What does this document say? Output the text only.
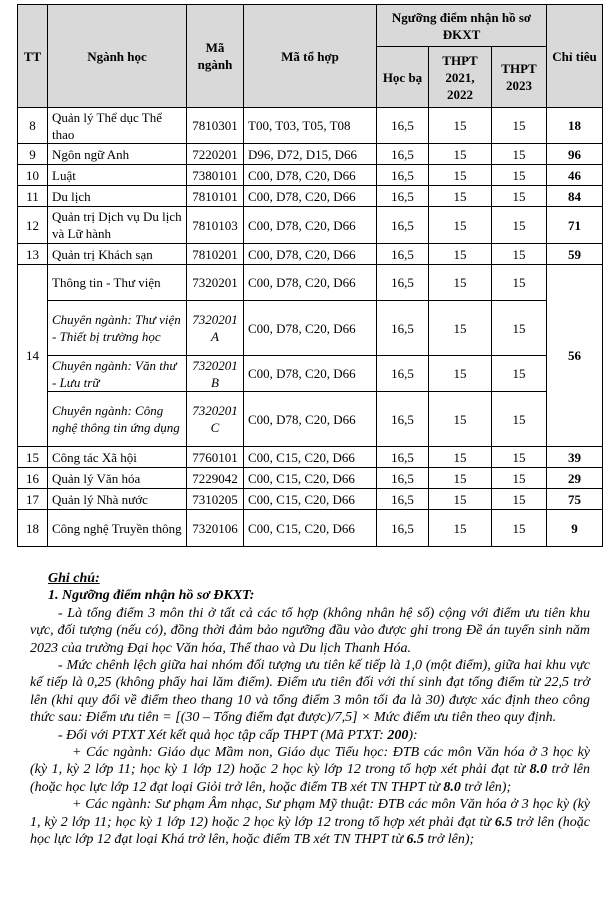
TT	Ngành học	Mã ngành	Mã tổ hợp	Ngưỡng điểm nhận hồ sơ ĐKXT			Chỉ tiêu
				Học bạ	THPT 2021, 2022	THPT 2023	
8	Quản lý Thể dục Thể thao	7810301	T00, T03, T05, T08	16,5	15	15	18
9	Ngôn ngữ Anh	7220201	D96, D72, D15, D66	16,5	15	15	96
10	Luật	7380101	C00, D78, C20, D66	16,5	15	15	46
11	Du lịch	7810101	C00, D78, C20, D66	16,5	15	15	84
12	Quản trị Dịch vụ Du lịch và Lữ hành	7810103	C00, D78, C20, D66	16,5	15	15	71
13	Quản trị Khách sạn	7810201	C00, D78, C20, D66	16,5	15	15	59
14	Thông tin - Thư viện	7320201	C00, D78, C20, D66	16,5	15	15	56
	Chuyên ngành: Thư viện - Thiết bị trường học	7320201 A	C00, D78, C20, D66	16,5	15	15	
	Chuyên ngành: Văn thư - Lưu trữ	7320201 B	C00, D78, C20, D66	16,5	15	15	
	Chuyên ngành: Công nghệ thông tin ứng dụng	7320201 C	C00, D78, C20, D66	16,5	15	15	
15	Công tác Xã hội	7760101	C00, C15, C20, D66	16,5	15	15	39
16	Quản lý Văn hóa	7229042	C00, C15, C20, D66	16,5	15	15	29
17	Quản lý Nhà nước	7310205	C00, C15, C20, D66	16,5	15	15	75
18	Công nghệ Truyền thông	7320106	C00, C15, C20, D66	16,5	15	15	9

Ghi chú:

1. Ngưỡng điểm nhận hồ sơ ĐKXT:

- Là tổng điểm 3 môn thi ở tất cả các tổ hợp (không nhân hệ số) cộng với điểm ưu tiên khu vực, đối tượng (nếu có), đồng thời đảm bảo ngưỡng đầu vào được ghi trong Đề án tuyển sinh năm 2023 của trường Đại học Văn hóa, Thể thao và Du lịch Thanh Hóa.

- Mức chênh lệch giữa hai nhóm đối tượng ưu tiên kế tiếp là 1,0 (một điểm), giữa hai khu vực kế tiếp là 0,25 (không phẩy hai lăm điểm). Điểm ưu tiên đối với thí sinh đạt tổng điểm từ 22,5 trở lên (khi quy đổi về điểm theo thang 10 và tổng điểm 3 môn tối đa là 30) được xác định theo công thức sau: Điểm ưu tiên = [(30 – Tổng điểm đạt được)/7,5] × Mức điểm ưu tiên theo quy định.

- Đối với PTXT Xét kết quả học tập cấp THPT (Mã PTXT: 200):

+ Các ngành: Giáo dục Mầm non, Giáo dục Tiểu học: ĐTB các môn Văn hóa ở 3 học kỳ (kỳ 1, kỳ 2 lớp 11; học kỳ 1 lớp 12) hoặc 2 học kỳ lớp 12 trong tổ hợp xét phải đạt từ 8.0 trở lên (hoặc học lực lớp 12 đạt loại Giỏi trở lên, hoặc điểm TB xét TN THPT từ 8.0 trở lên);

+ Các ngành: Sư phạm Âm nhạc, Sư phạm Mỹ thuật: ĐTB các môn Văn hóa ở 3 học kỳ (kỳ 1, kỳ 2 lớp 11; học kỳ 1 lớp 12) hoặc 2 học kỳ lớp 12 trong tổ hợp xét phải đạt từ 6.5 trở lên (hoặc học lực lớp 12 đạt loại Khá trở lên, hoặc điểm TB xét TN THPT từ 6.5 trở lên);
